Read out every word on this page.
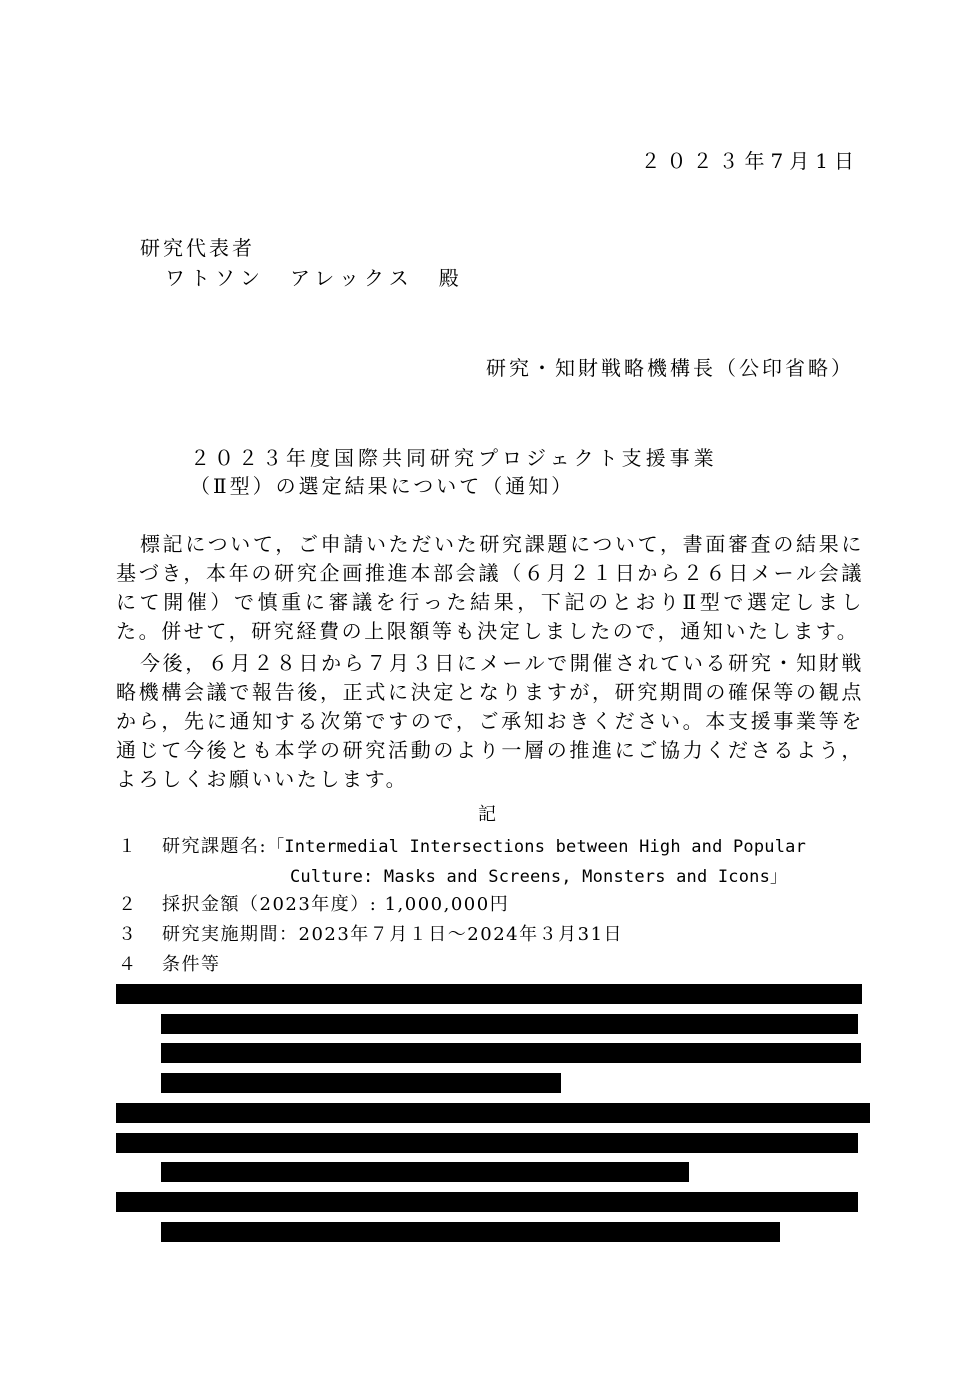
２０２３年7月1日
研究代表者
ワトソン　アレックス　殿
研究・知財戦略機構長（公印省略）
２０２３年度国際共同研究プロジェクト支援事業
（Ⅱ型）の選定結果について（通知）
標記について，ご申請いただいた研究課題について，書面審査の結果に基づき，本年の研究企画推進本部会議（６月２１日から２６日メール会議にて開催）で慎重に審議を行った結果，下記のとおりⅡ型で選定しました。併せて，研究経費の上限額等も決定しましたので，通知いたします。
今後，６月２８日から７月３日にメールで開催されている研究・知財戦略機構会議で報告後，正式に決定となりますが，研究期間の確保等の観点から，先に通知する次第ですので，ご承知おきください。本支援事業等を通じて今後とも本学の研究活動のより一層の推進にご協力くださるよう，よろしくお願いいたします。
記
１ 研究課題名:「Intermedial Intersections between High and Popular
Culture: Masks and Screens, Monsters and Icons」
２ 採択金額（2023年度）: 1,000,000円
３ 研究実施期間：2023年７月１日～2024年３月31日
４ 条件等
